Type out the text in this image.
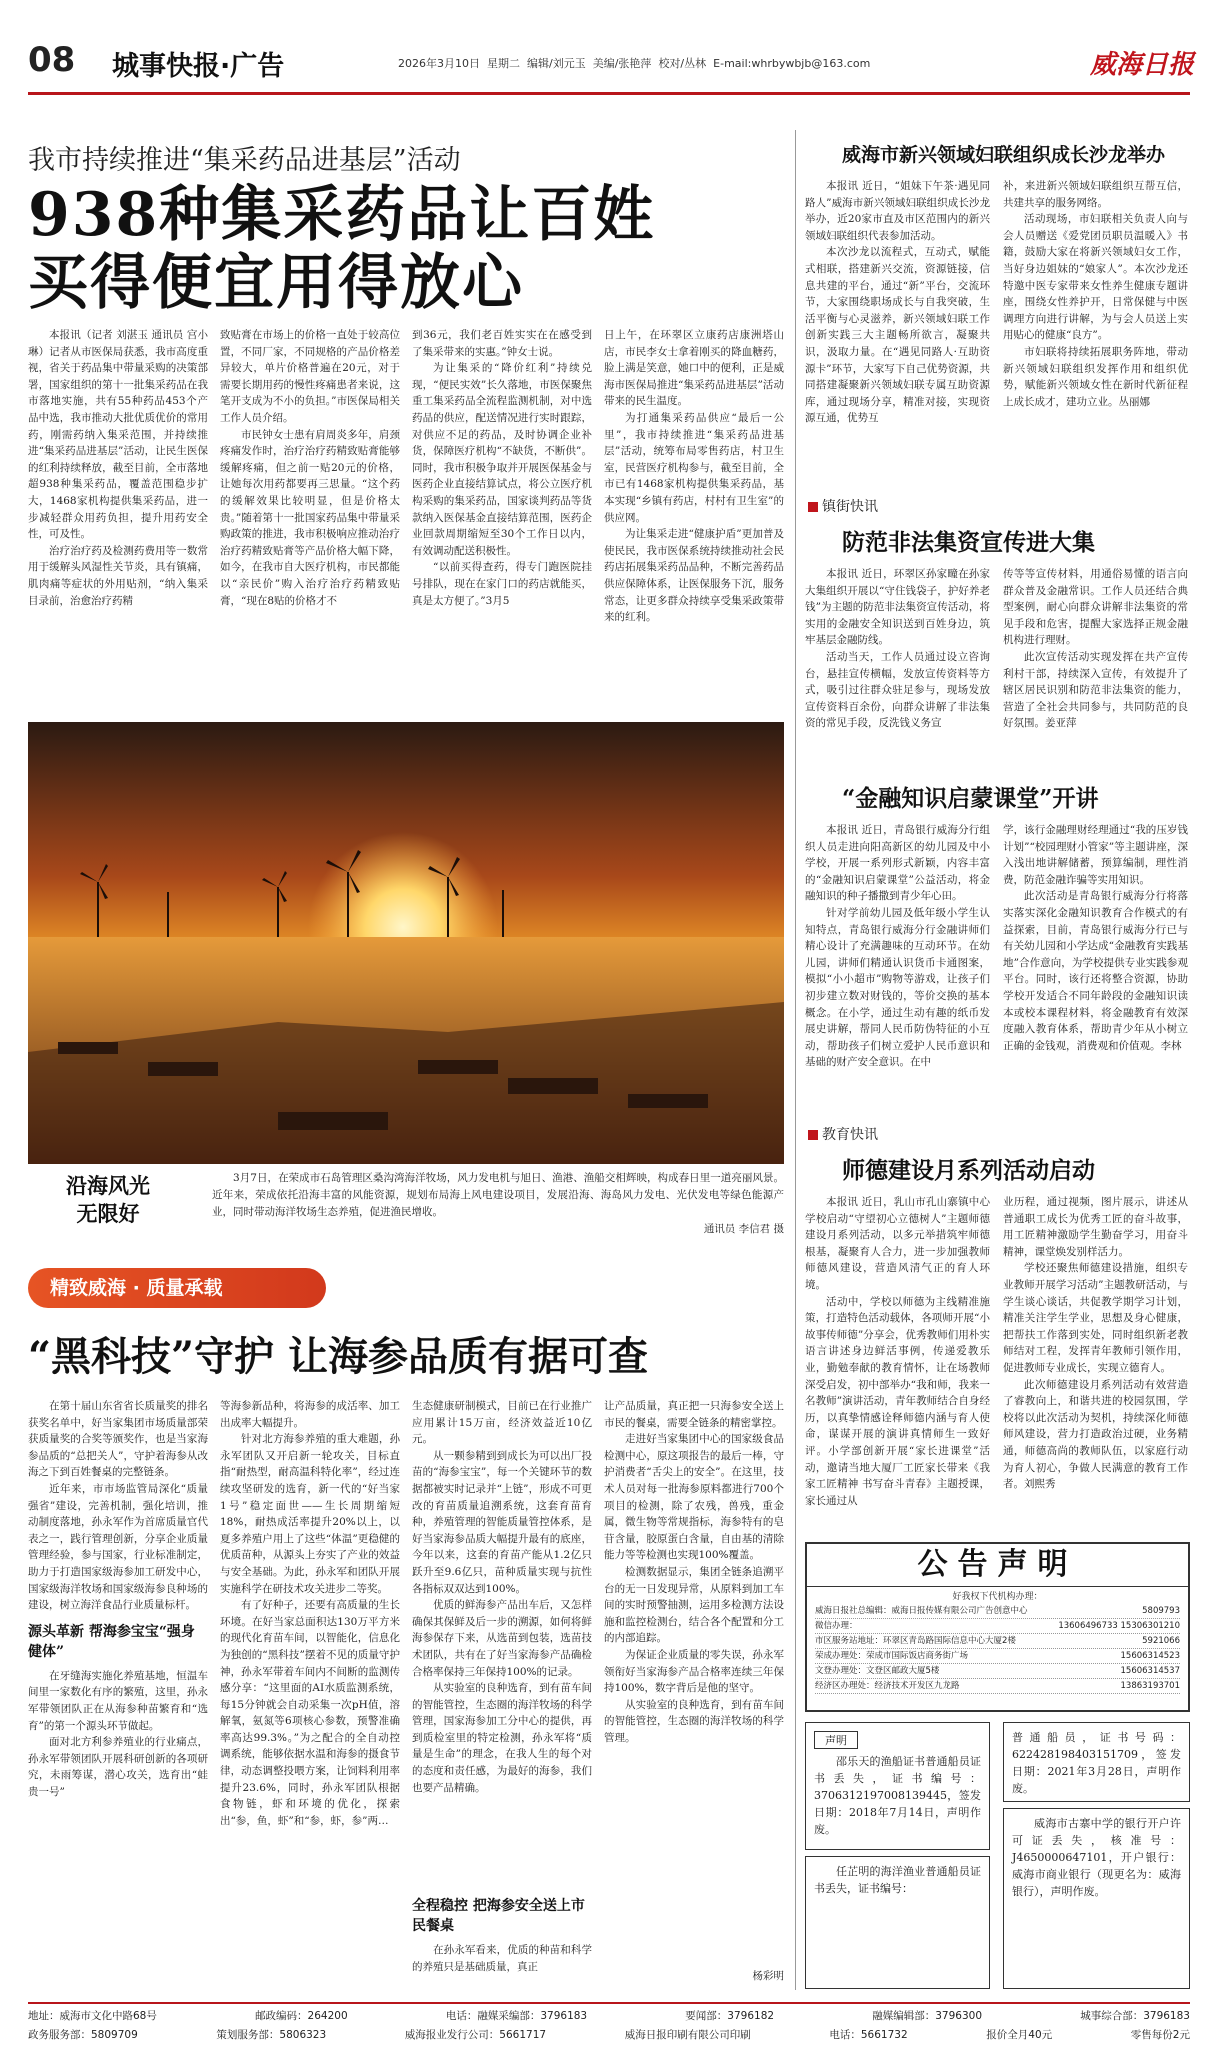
08 城事快报·广告	2026年3月10日 星期二 编辑/刘元玉 美编/张艳萍 校对/丛林 E-mail:whrbywbjb@163.com	威海日报
我市持续推进“集采药品进基层”活动
938种集采药品让百姓
买得便宜用得放心

本报讯（记者 刘湛玉 通讯员 宫小琳）记者从市医保局获悉，我市高度重视，省关于药品集中带量采购的决策部署，国家组织的第十一批集采药品在我市落地实施，共有55种药品453个产品中选，我市推动大批优质优价的常用药，刚需药纳入集采范围，并持续推进“集采药品进基层”活动，让民生医保的红利持续释放，截至目前，全市落地超938种集采药品，覆盖范围稳步扩大，1468家机构提供集采药品，进一步减轻群众用药负担，提升用药安全性，可及性。

治疗治疗药及检测药费用等一数常用于缓解头风湿性关节炎，具有镇痛，肌肉痛等症状的外用贴剂，“纳入集采目录前，治愈治疗药精

致贴膏在市场上的价格一直处于较高位置，不同厂家，不同规格的产品价格差异较大，单片价格普遍在20元，对于需要长期用药的慢性疼痛患者来说，这笔开支成为不小的负担。”市医保局相关工作人员介绍。

市民钟女士患有肩周炎多年，肩颈疼痛发作时，治疗治疗药精致贴膏能够缓解疼痛，但之前一贴20元的价格，让她每次用药都要再三思量。“这个药的缓解效果比较明显，但是价格太贵。”随着第十一批国家药品集中带量采购政策的推进，我市积极响应推动治疗治疗药精致贴膏等产品价格大幅下降，如今，在我市自大医疗机构，市民都能以“亲民价”购入治疗治疗药精致贴膏，“现在8贴的价格才不

到36元，我们老百姓实实在在感受到了集采带来的实惠。”钟女士说。

为让集采的“降价红利”持续兑现，“便民实效”长久落地，市医保聚焦重工集采药品全流程监测机制，对中选药品的供应，配送情况进行实时跟踪，对供应不足的药品，及时协调企业补货，保障医疗机构“不缺货，不断供”。同时，我市积极争取并开展医保基金与医药企业直接结算试点，将公立医疗机构采购的集采药品，国家谈判药品等货款纳入医保基金直接结算范围，医药企业回款周期缩短至30个工作日以内，有效调动配送积极性。

“以前买得查药，得专门跑医院挂号排队，现在在家门口的药店就能买，真是太方便了。”3月5

日上午，在环翠区立康药店康洲塔山店，市民李女士拿着刚买的降血糖药，脸上满是笑意，她口中的便利，正是威海市医保局推进“集采药品进基层”活动带来的民生温度。

为打通集采药品供应“最后一公里”，我市持续推进“集采药品进基层”活动，统筹布局零售药店，村卫生室，民营医疗机构参与，截至目前，全市已有1468家机构提供集采药品，基本实现“乡镇有药店，村村有卫生室”的供应网。

为让集采走进“健康护盾”更加普及使民民，我市医保系统持续推动社会民药店拓展集采药品品种，不断完善药品供应保障体系，让医保服务下沉，服务常态，让更多群众持续享受集采政策带来的红利。

沿海风光
无限好

3月7日，在荣成市石岛管理区桑沟湾海洋牧场，风力发电机与旭日、渔港、渔船交相辉映，构成春日里一道亮丽风景。近年来，荣成依托沿海丰富的风能资源，规划布局海上风电建设项目，发展沿海、海岛风力发电、光伏发电等绿色能源产业，同时带动海洋牧场生态养殖，促进渔民增收。

通讯员 李信君 摄
精致威海 · 质量承载
“黑科技”守护 让海参品质有据可查

在第十届山东省省长质量奖的排名获奖名单中，好当家集团市场质量部荣获质量奖的合奖等颁奖作，也是当家海参品质的“总把关人”，守护着海参从改海之下到百姓餐桌的完整链条。

近年来，市市场监管局深化“质量强省”建设，完善机制，强化培训，推动制度落地，孙永军作为首席质量官代表之一，践行管理创新，分享企业质量管理经验，参与国家，行业标准制定，助力于打造国家级海参加工研发中心，国家级海洋牧场和国家级海参良种场的建设，树立海洋食品行业质量标杆。

源头革新 帮海参宝宝“强身健体”

在牙缝海实施化养殖基地，恒温车间里一家数化有序的繁殖，这里，孙永军带领团队正在从海参种苗繁育和“选育”的第一个源头环节做起。

面对北方利参养殖业的行业痛点，孙永军带领团队开展科研创新的各项研究，未雨筹谋，潜心攻关，选育出“蛙贵一号”

等海参新品种，将海参的成活率、加工出成率大幅提升。

针对北方海参养殖的重大难题，孙永军团队又开启新一轮攻关，目标直指“耐热型，耐高温科特化率”，经过连续攻坚研发的选育，新一代的“好当家1号”稳定面世——生长周期缩短18%，耐热成活率提升20%以上，以夏多养殖户用上了这些“体温”更稳健的优质苗种，从源头上夯实了产业的效益与安全基础。为此，孙永军和团队开展实施科学在研技术攻关进步二等奖。

有了好种子，还要有高质量的生长环境。在好当家总面积达130万平方米的现代化育苗车间，以智能化，信息化为独创的“黑科技”摆着不见的质量守护神，孙永军带着车间内不间断的监测传感分享：“这里面的AI水质监测系统，每15分钟就会自动采集一次pH值，溶解氧，氨氮等6项核心参数，预警准确率高达99.3%。”为之配合的全自动控调系统，能够依据水温和海参的摄食节律，动态调整投喂方案，让饲料利用率提升23.6%，同时，孙永军团队根据食物链，虾和环境的优化，探索出“参，鱼，虾”和“参，虾，参”两…

生态健康研制模式，目前已在行业推广应用累计15万亩，经济效益近10亿元。

从一颗参精到到成长为可以出厂投苗的“海参宝宝”，每一个关键环节的数据都被实时记录并“上链”，形成不可更改的育苗质量追溯系统，这套育苗育种，养殖管理的智能质量管控体系，是好当家海参品质大幅提升最有的底座，今年以来，这套的育苗产能从1.2亿只跃升至9.6亿只，苗种质量实现与抗性各指标双双达到100%。

优质的鲜海参产品出车后，又怎样确保其保鲜及后一步的溯源，如何将鲜海参保存下来，从选苗到包装，选苗技术团队，共有在了好当家海参产品确检合格率保持三年保持100%的记录。

从实验室的良种选育，到有苗车间的智能管控，生态圈的海洋牧场的科学管理，国家海参加工分中心的提供，再到质检室里的特定检测，孙永军将“质量是生命”的理念，在我人生的每个对的态度和责任感，为最好的海参，我们也要产品精确。

全程稳控 把海参安全送上市民餐桌

在孙永军看来，优质的种苗和科学的养殖只是基础质量，真正

让产品质量，真正把一只海参安全送上市民的餐桌，需要全链条的精密掌控。

走进好当家集团中心的国家级食品检测中心，原这项报告的最后一棒，守护消费者“舌尖上的安全”。在这里，技术人员对每一批海参原料都进行700个项目的检测，除了农残，兽残，重金属，微生物等常规指标，海参特有的皂苷含量，胶原蛋白含量，自由基的清除能力等等检测也实现100%覆盖。

检测数据显示，集团全链条追溯平台的无一日发现异常，从原料到加工车间的实时预警抽测，运用多检测方法设施和监控检测台，结合各个配置和分工的内部追踪。

为保证企业质量的零失误，孙永军领衔好当家海参产品合格率连续三年保持100%，数字背后是他的坚守。

从实验室的良种选育，到有苗车间的智能管控，生态圈的海洋牧场的科学管理。

杨彩明
威海市新兴领域妇联组织成长沙龙举办

本报讯 近日，“姐妹下午茶·遇见同路人”威海市新兴领域妇联组织成长沙龙举办，近20家市直及市区范围内的新兴领域妇联组织代表参加活动。

本次沙龙以流程式，互动式，赋能式相联，搭建新兴交流，资源链接，信息共建的平台，通过“新”平台，交流环节，大家围绕职场成长与自我突破，生活平衡与心灵滋养，新兴领域妇联工作创新实践三大主题畅所欲言，凝聚共识，汲取力量。在“遇见同路人·互助资源卡”环节，大家写下自己优势资源，共同搭建凝聚新兴领域妇联专属互助资源库，通过现场分享，精准对接，实现资源互通，优势互

补，来进新兴领域妇联组织互帮互信，共建共享的服务网络。

活动现场，市妇联相关负责人向与会人员赠送《爱党团员职员温暖入》书籍，鼓励大家在将新兴领域妇女工作，当好身边姐妹的“娘家人”。本次沙龙还特邀中医专家带来女性养生健康专题讲座，围绕女性养护开，日常保健与中医调理方向进行讲解，为与会人员送上实用贴心的健康“良方”。

市妇联将持续拓展职务阵地，带动新兴领域妇联组织发挥作用和组织优势，赋能新兴领域女性在新时代新征程上成长成才，建功立业。丛丽娜

镇街快讯
防范非法集资宣传进大集

本报讯 近日，环翠区孙家疃在孙家大集组织开展以“守住钱袋子，护好养老钱”为主题的防范非法集资宣传活动，将实用的金融安全知识送到百姓身边，筑牢基层金融防线。

活动当天，工作人员通过设立咨询台，悬挂宣传横幅，发放宣传资料等方式，吸引过往群众驻足参与，现场发放宣传资料百余份，向群众讲解了非法集资的常见手段，反洗钱义务宣

传等等宣传材料，用通俗易懂的语言向群众普及金融常识。工作人员还结合典型案例，耐心向群众讲解非法集资的常见手段和危害，提醒大家选择正规金融机构进行理财。

此次宣传活动实现发挥在共产宣传利村干部，持续深入宣传，有效提升了辖区居民识别和防范非法集资的能力，营造了全社会共同参与，共同防范的良好氛围。姜亚萍

“金融知识启蒙课堂”开讲

本报讯 近日，青岛银行威海分行组织人员走进向阳高新区的幼儿园及中小学校，开展一系列形式新颖，内容丰富的“金融知识启蒙课堂”公益活动，将金融知识的种子播撒到青少年心田。

针对学前幼儿园及低年级小学生认知特点，青岛银行威海分行金融讲师们精心设计了充满趣味的互动环节。在幼儿园，讲师们精通认识货币卡通图案，模拟“小小超市”购物等游戏，让孩子们初步建立数对财钱的，等价交换的基本概念。在小学，通过生动有趣的纸币发展史讲解，帮同人民币防伪特征的小互动，帮助孩子们树立爱护人民币意识和基础的财产安全意识。在中

学，该行金融理财经理通过“我的压岁钱计划”“校园理财小管家”等主题讲座，深入浅出地讲解储蓄，预算编制，理性消费，防范金融诈骗等实用知识。

此次活动是青岛银行威海分行将落实落实深化金融知识教育合作模式的有益探索，目前，青岛银行威海分行已与有关幼儿园和小学达成“金融教育实践基地”合作意向，为学校提供专业实践参观平台。同时，该行还将整合资源，协助学校开发适合不同年龄段的金融知识读本或校本课程材料，将金融教育有效深度融入教育体系，帮助青少年从小树立正确的金钱观，消费观和价值观。李林

教育快讯
师德建设月系列活动启动

本报讯 近日，乳山市孔山寨镇中心学校启动“守望初心立德树人”主题师德建设月系列活动，以多元举措筑牢师德根基，凝聚育人合力，进一步加强教师师德风建设，营造风清气正的育人环境。

活动中，学校以师德为主线精准施策，打造特色活动载体，各项师开展“小故事传师德”分享会，优秀教师们用朴实语言讲述身边鲜活事例，传递爱教乐业，勤勉奉献的教育情怀，让在场教师深受启发，初中部举办“我和师，我来一名教师”演讲活动，青年教师结合自身经历，以真挚情感诠释师德内涵与育人使命，谋谋开展的演讲真情师生一致好评。小学部创新开展“家长进课堂”活动，邀请当地大厦厂工匠家长带来《我家工匠精神 书写奋斗青春》主题授课，家长通过从

业历程，通过视频，图片展示，讲述从普通职工成长为优秀工匠的奋斗故事，用工匠精神激励学生勤奋学习，用奋斗精神，课堂焕发别样活力。

学校还聚焦师德建设措施，组织专业教师开展学习活动”主题教研活动，与学生谈心谈话，共促教学期学习计划，精准关注学生学业，思想及身心健康，把帮扶工作落到实处，同时组织新老教师结对工程，发挥青年教师引领作用，促进教师专业成长，实现立德育人。

此次师德建设月系列活动有效营造了睿教向上，和谐共进的校园氛围，学校将以此次活动为契机，持续深化师德师风建设，营力打造政治过硬，业务精通，师德高尚的教师队伍，以家庭行动为育人初心，争做人民满意的教育工作者。刘熙秀

公告声明
好我权下代机构办理：
威海日报社总编辑：威海日报传媒有限公司广告创意中心	5809793
微信办理：	13606496733 15306301210
市区服务站地址：环翠区青岛路国际信息中心大厦2楼	5921066
荣成办理处：荣成市国际饭店商务街广场	15606314523
文登办理处：文登区邮政大厦5楼	15606314537
经济区办理处：经济技术开发区九龙路	13863193701
声明

邵乐天的渔船证书普通船员证书丢失，证书编号：3706312197008139445，签发日期：2018年7月14日，声明作废。

任芷明的海洋渔业普通船员证书丢失，证书编号：

普通船员，证书号码：622428198403151709，签发日期：2021年3月28日，声明作废。

威海市古寨中学的银行开户许可证丢失，核准号：J4650000647101，开户银行：威海市商业银行（现更名为：威海银行），声明作废。

地址：威海市文化中路68号	邮政编码：264200	电话：融媒采编部：3796183	要闻部：3796182	融媒编辑部：3796300	城事综合部：3796183
政务服务部：5809709	策划服务部：5806323	威海报业发行公司：5661717	威海日报印刷有限公司印刷	电话：5661732	报价全月40元	零售每份2元
